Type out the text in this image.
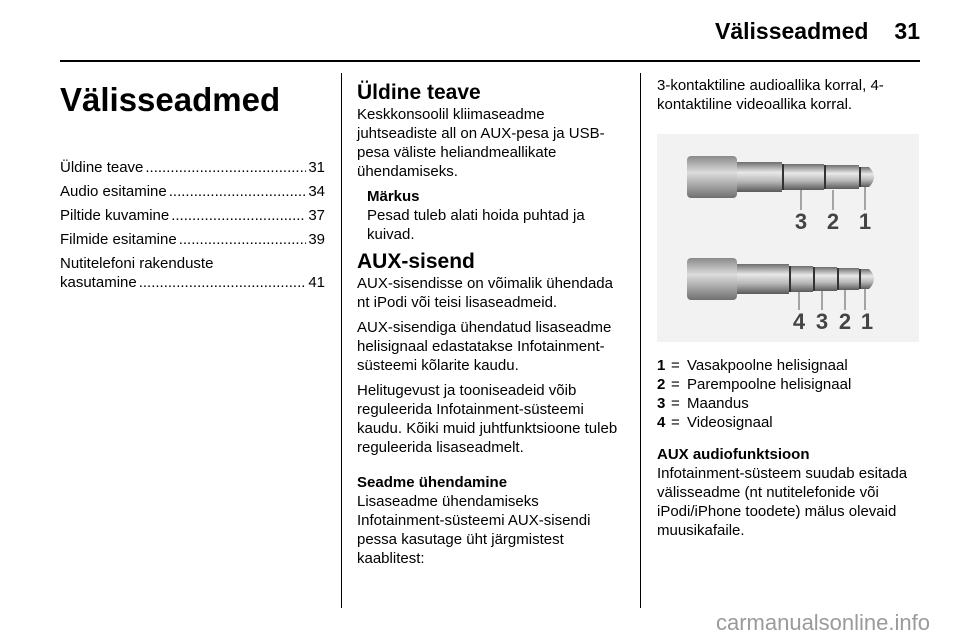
Välisseadmed 31
Välisseadmed
Üldine teave .....	31
Audio esitamine .....	34
Piltide kuvamine .....	37
Filmide esitamine .....	39
Nutitelefoni rakenduste
kasutamine .....	41
Üldine teave

Keskkonsoolil kliimaseadme juhtseadiste all on AUX-pesa ja USB-pesa väliste heliandmeallikate ühendamiseks.

Märkus
Pesad tuleb alati hoida puhtad ja kuivad.
AUX-sisend

AUX-sisendisse on võimalik ühendada nt iPodi või teisi lisaseadmeid.

AUX-sisendiga ühendatud lisaseadme helisignaal edastatakse Infotainment-süsteemi kõlarite kaudu.

Helitugevust ja tooniseadeid võib reguleerida Infotainment-süsteemi kaudu. Kõiki muid juhtfunktsioone tuleb reguleerida lisaseadmelt.

Seadme ühendamine

Lisaseadme ühendamiseks Infotainment-süsteemi AUX-sisendi pessa kasutage üht järgmistest kaablitest:

3-kontaktiline audioallika korral, 4-kontaktiline videoallika korral.

3 2 1
4 3 2 1
1 = Vasakpoolne helisignaal
2 = Parempoolne helisignaal
3 = Maandus
4 = Videosignaal
AUX audiofunktsioon

Infotainment-süsteem suudab esitada välisseadme (nt nutitelefonide või iPodi/iPhone toodete) mälus olevaid muusikafaile.

carmanualsonline.info
